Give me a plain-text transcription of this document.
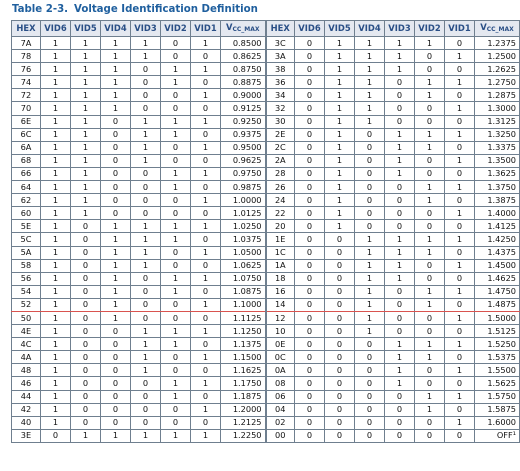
Table 2-3. Voltage Identification Definition
HEX	VID6	VID5	VID4	VID3	VID2	VID1	$V_{CC\_MAX}$	HEX	VID6	VID5	VID4	VID3	VID2	VID1	$V_{CC\_MAX}$
7A	1	1	1	1	0	1	0.8500	3C	0	1	1	1	1	0	1.2375
78	1	1	1	1	0	0	0.8625	3A	0	1	1	1	0	1	1.2500
76	1	1	1	0	1	1	0.8750	38	0	1	1	1	0	0	1.2625
74	1	1	1	0	1	0	0.8875	36	0	1	1	0	1	1	1.2750
72	1	1	1	0	0	1	0.9000	34	0	1	1	0	1	0	1.2875
70	1	1	1	0	0	0	0.9125	32	0	1	1	0	0	1	1.3000
6E	1	1	0	1	1	1	0.9250	30	0	1	1	0	0	0	1.3125
6C	1	1	0	1	1	0	0.9375	2E	0	1	0	1	1	1	1.3250
6A	1	1	0	1	0	1	0.9500	2C	0	1	0	1	1	0	1.3375
68	1	1	0	1	0	0	0.9625	2A	0	1	0	1	0	1	1.3500
66	1	1	0	0	1	1	0.9750	28	0	1	0	1	0	0	1.3625
64	1	1	0	0	1	0	0.9875	26	0	1	0	0	1	1	1.3750
62	1	1	0	0	0	1	1.0000	24	0	1	0	0	1	0	1.3875
60	1	1	0	0	0	0	1.0125	22	0	1	0	0	0	1	1.4000
5E	1	0	1	1	1	1	1.0250	20	0	1	0	0	0	0	1.4125
5C	1	0	1	1	1	0	1.0375	1E	0	0	1	1	1	1	1.4250
5A	1	0	1	1	0	1	1.0500	1C	0	0	1	1	1	0	1.4375
58	1	0	1	1	0	0	1.0625	1A	0	0	1	1	0	1	1.4500
56	1	0	1	0	1	1	1.0750	18	0	0	1	1	0	0	1.4625
54	1	0	1	0	1	0	1.0875	16	0	0	1	0	1	1	1.4750
52	1	0	1	0	0	1	1.1000	14	0	0	1	0	1	0	1.4875
50	1	0	1	0	0	0	1.1125	12	0	0	1	0	0	1	1.5000
4E	1	0	0	1	1	1	1.1250	10	0	0	1	0	0	0	1.5125
4C	1	0	0	1	1	0	1.1375	0E	0	0	0	1	1	1	1.5250
4A	1	0	0	1	0	1	1.1500	0C	0	0	0	1	1	0	1.5375
48	1	0	0	1	0	0	1.1625	0A	0	0	0	1	0	1	1.5500
46	1	0	0	0	1	1	1.1750	08	0	0	0	1	0	0	1.5625
44	1	0	0	0	1	0	1.1875	06	0	0	0	0	1	1	1.5750
42	1	0	0	0	0	1	1.2000	04	0	0	0	0	1	0	1.5875
40	1	0	0	0	0	0	1.2125	02	0	0	0	0	0	1	1.6000
3E	0	1	1	1	1	1	1.2250	00	0	0	0	0	0	0	OFF¹
